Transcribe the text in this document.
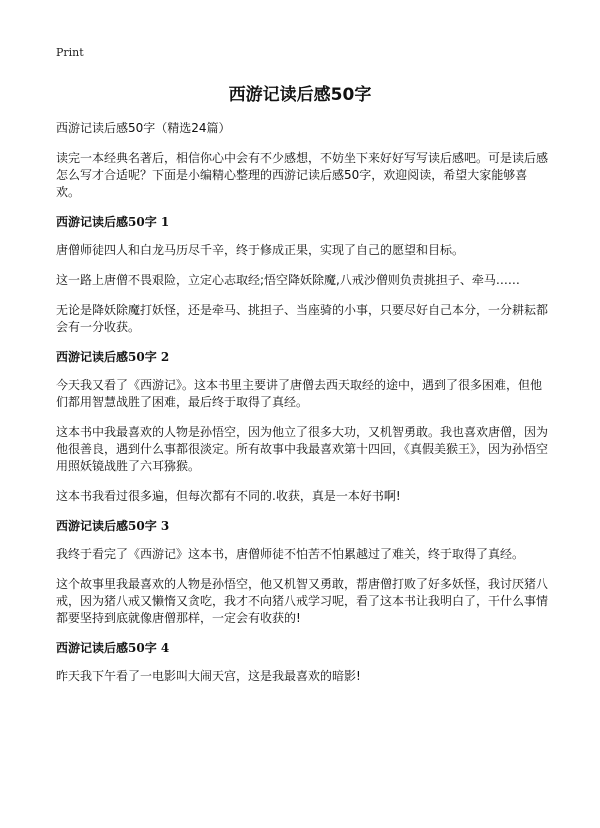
Print
西游记读后感50字

西游记读后感50字（精选24篇）

读完一本经典名著后，相信你心中会有不少感想，不妨坐下来好好写写读后感吧。可是读后感怎么写才合适呢？下面是小编精心整理的西游记读后感50字，欢迎阅读，希望大家能够喜欢。

西游记读后感50字 1

唐僧师徒四人和白龙马历尽千辛，终于修成正果，实现了自己的愿望和目标。

这一路上唐僧不畏艰险，立定心志取经;悟空降妖除魔,八戒沙僧则负责挑担子、牵马……

无论是降妖除魔打妖怪，还是牵马、挑担子、当座骑的小事，只要尽好自己本分，一分耕耘都会有一分收获。

西游记读后感50字 2

今天我又看了《西游记》。这本书里主要讲了唐僧去西天取经的途中，遇到了很多困难，但他们都用智慧战胜了困难，最后终于取得了真经。

这本书中我最喜欢的人物是孙悟空，因为他立了很多大功，又机智勇敢。我也喜欢唐僧，因为他很善良，遇到什么事都很淡定。所有故事中我最喜欢第十四回，《真假美猴王》，因为孙悟空用照妖镜战胜了六耳猕猴。

这本书我看过很多遍，但每次都有不同的.收获，真是一本好书啊!

西游记读后感50字 3

我终于看完了《西游记》这本书，唐僧师徒不怕苦不怕累越过了难关，终于取得了真经。

这个故事里我最喜欢的人物是孙悟空，他又机智又勇敢，帮唐僧打败了好多妖怪，我讨厌猪八戒，因为猪八戒又懒惰又贪吃，我才不向猪八戒学习呢，看了这本书让我明白了，干什么事情都要坚持到底就像唐僧那样，一定会有收获的!

西游记读后感50字 4

昨天我下午看了一电影叫大闹天宫，这是我最喜欢的暗影!
